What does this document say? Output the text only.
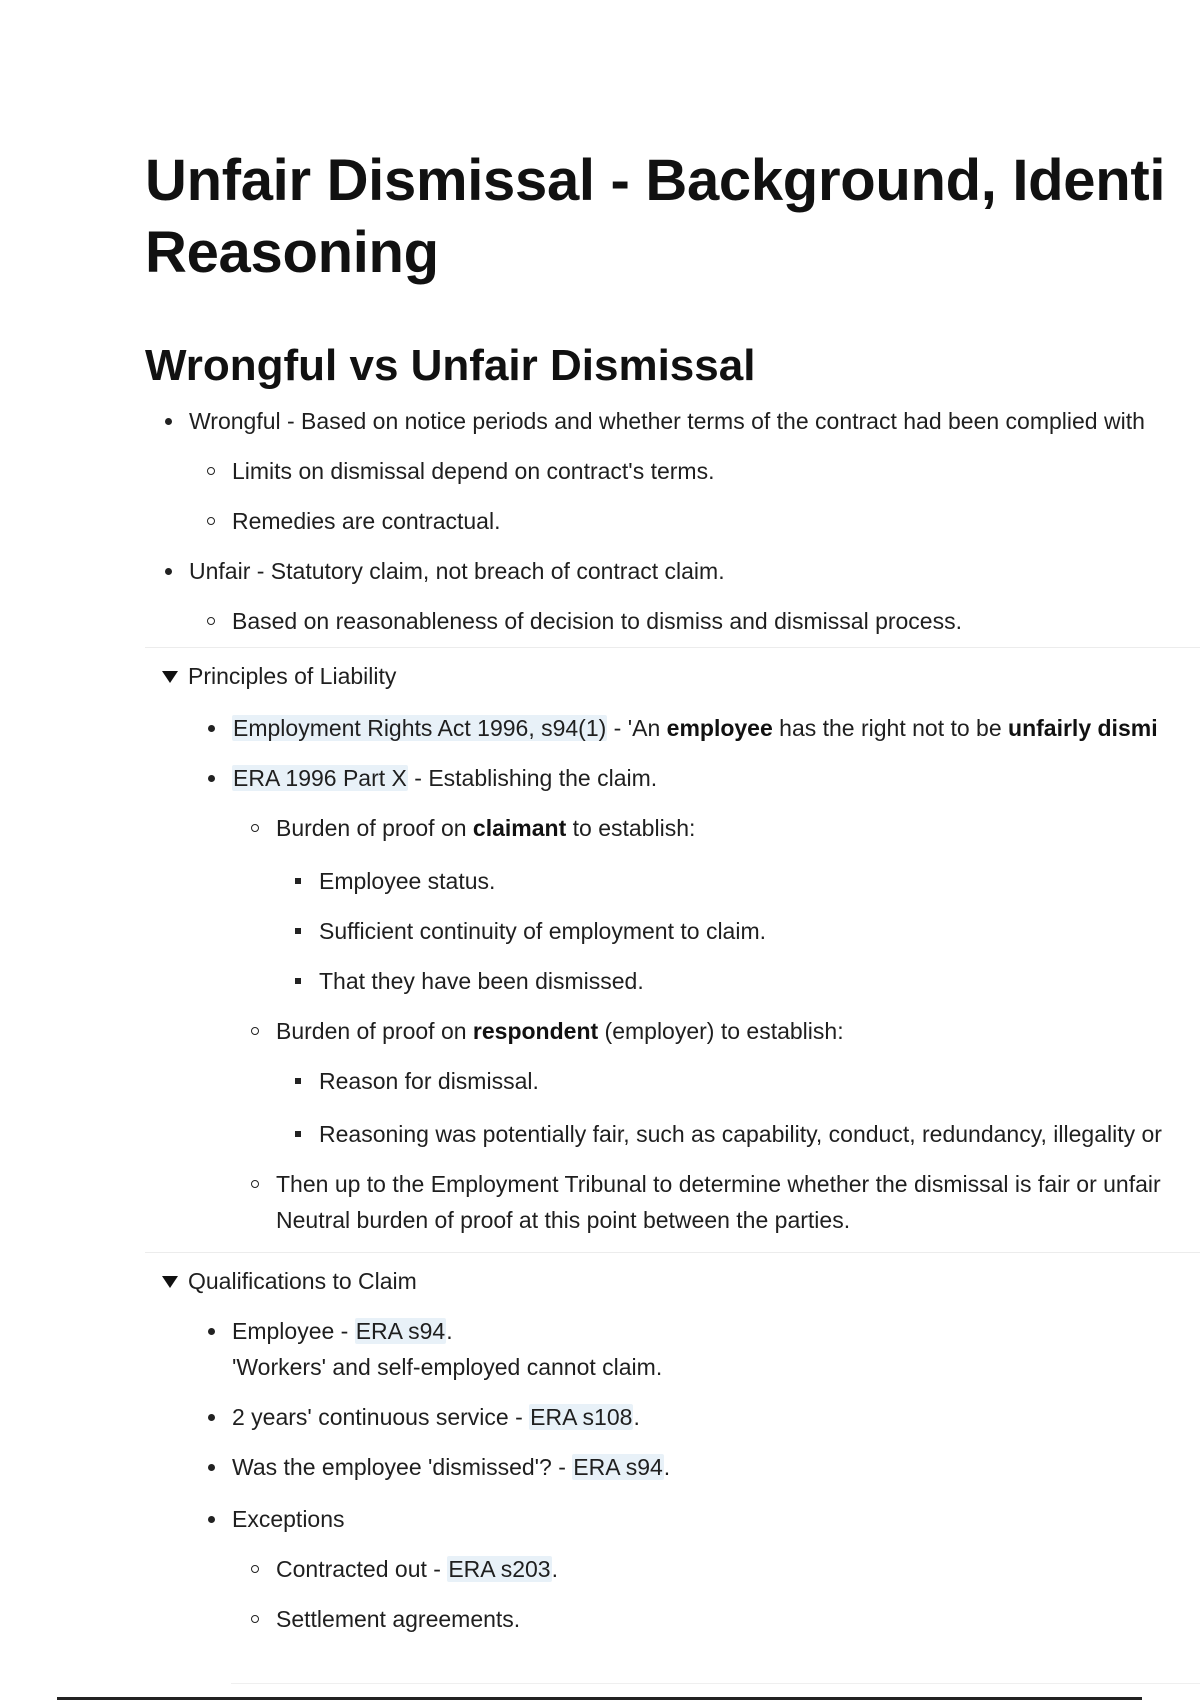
Unfair Dismissal - Background, Identi
Reasoning
Wrongful vs Unfair Dismissal
Wrongful - Based on notice periods and whether terms of the contract had been complied with
Limits on dismissal depend on contract's terms.
Remedies are contractual.
Unfair - Statutory claim, not breach of contract claim.
Based on reasonableness of decision to dismiss and dismissal process.
Principles of Liability
Employment Rights Act 1996, s94(1) - 'An employee has the right not to be unfairly dismi
ERA 1996 Part X - Establishing the claim.
Burden of proof on claimant to establish:
Employee status.
Sufficient continuity of employment to claim.
That they have been dismissed.
Burden of proof on respondent (employer) to establish:
Reason for dismissal.
Reasoning was potentially fair, such as capability, conduct, redundancy, illegality or
Then up to the Employment Tribunal to determine whether the dismissal is fair or unfair
Neutral burden of proof at this point between the parties.
Qualifications to Claim
Employee - ERA s94.
'Workers' and self-employed cannot claim.
2 years' continuous service - ERA s108.
Was the employee 'dismissed'? - ERA s94.
Exceptions
Contracted out - ERA s203.
Settlement agreements.
